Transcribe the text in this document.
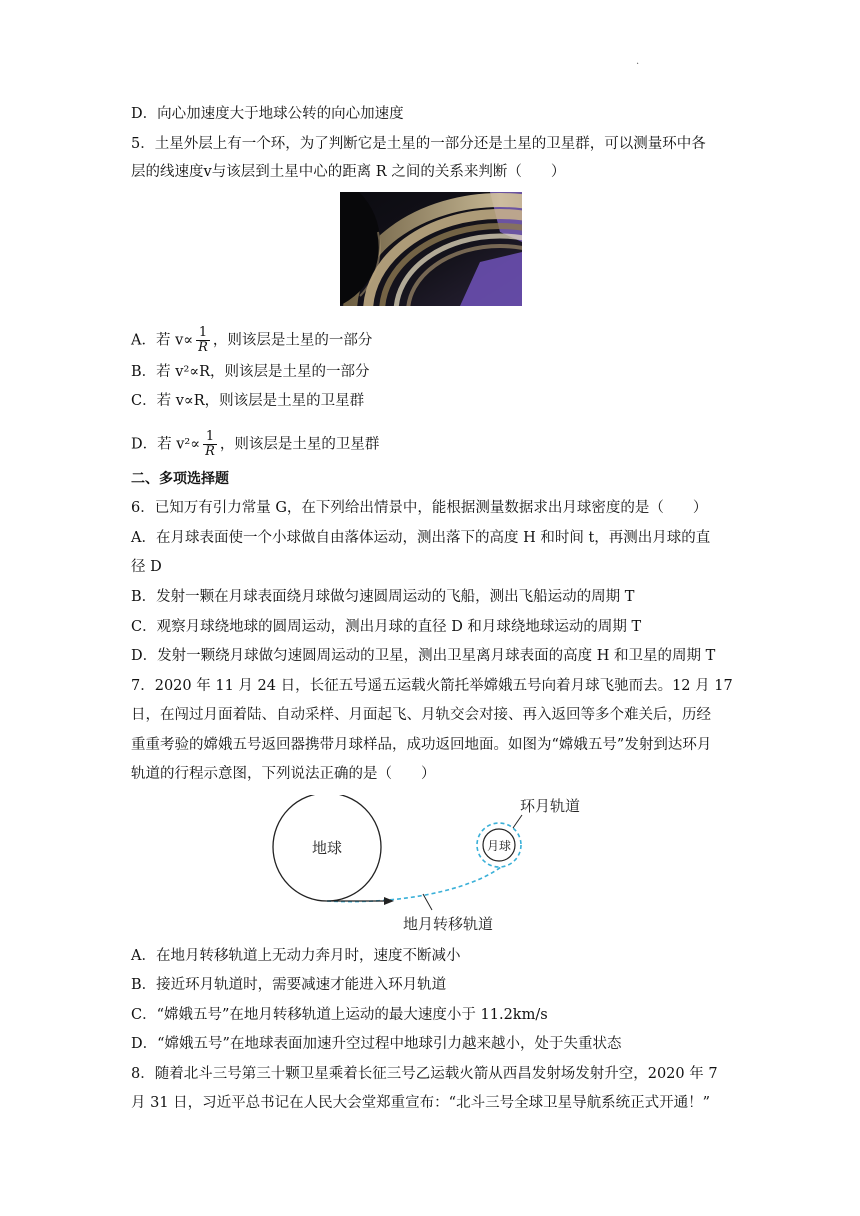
.
D．向心加速度大于地球公转的向心加速度
5．土星外层上有一个环，为了判断它是土星的一部分还是土星的卫星群，可以测量环中各
层的线速度v与该层到土星中心的距离 R 之间的关系来判断（　　）
A．若 $v\propto \frac{1}{R}$ ，则该层是土星的一部分
B．若 v²∝R，则该层是土星的一部分
C．若 v∝R，则该层是土星的卫星群
D．若 $v^2\propto \frac{1}{R}$ ，则该层是土星的卫星群
二、多项选择题
6．已知万有引力常量 G，在下列给出情景中，能根据测量数据求出月球密度的是（　　）
A．在月球表面使一个小球做自由落体运动，测出落下的高度 H 和时间 t，再测出月球的直
径 D
B．发射一颗在月球表面绕月球做匀速圆周运动的飞船，测出飞船运动的周期 T
C．观察月球绕地球的圆周运动，测出月球的直径 D 和月球绕地球运动的周期 T
D．发射一颗绕月球做匀速圆周运动的卫星，测出卫星离月球表面的高度 H 和卫星的周期 T
7．2020 年 11 月 24 日，长征五号遥五运载火箭托举嫦娥五号向着月球飞驰而去。12 月 17
日，在闯过月面着陆、自动采样、月面起飞、月轨交会对接、再入返回等多个难关后，历经
重重考验的嫦娥五号返回器携带月球样品，成功返回地面。如图为“嫦娥五号”发射到达环月
轨道的行程示意图，下列说法正确的是（　　）
地球	月球
环月轨道
地月转移轨道
A．在地月转移轨道上无动力奔月时，速度不断减小
B．接近环月轨道时，需要减速才能进入环月轨道
C．“嫦娥五号”在地月转移轨道上运动的最大速度小于 11.2km/s
D．“嫦娥五号”在地球表面加速升空过程中地球引力越来越小，处于失重状态
8．随着北斗三号第三十颗卫星乘着长征三号乙运载火箭从西昌发射场发射升空，2020 年 7
月 31 日，习近平总书记在人民大会堂郑重宣布：“北斗三号全球卫星导航系统正式开通！”
